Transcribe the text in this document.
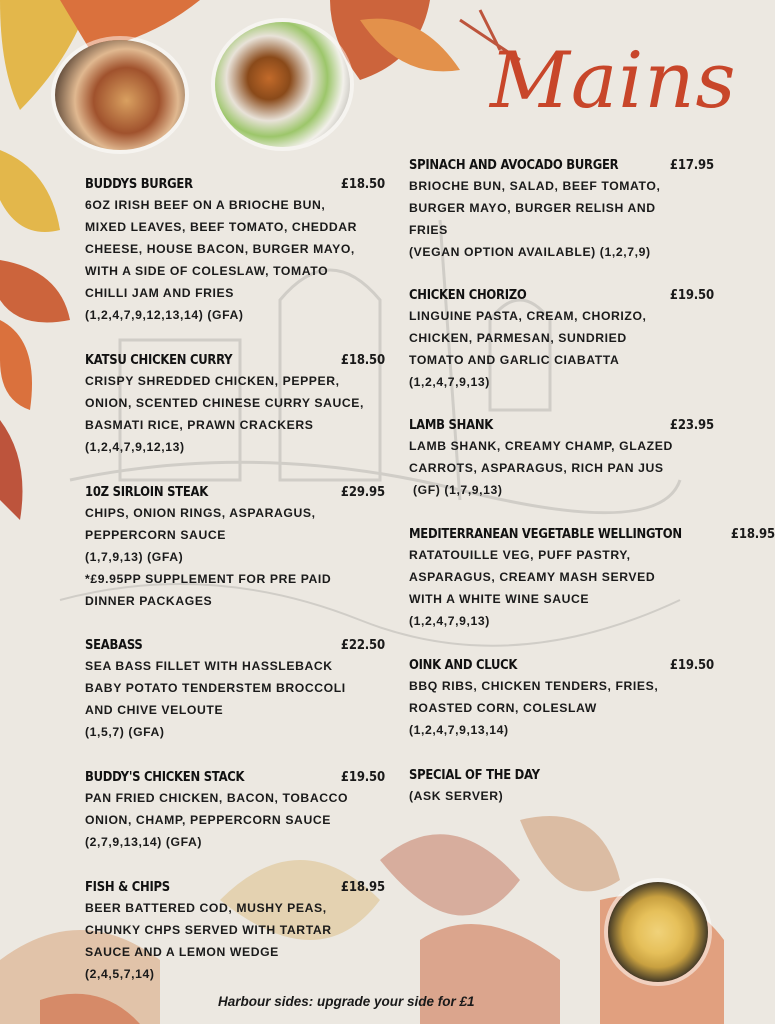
Mains
BUDDYS BURGER	£18.50
6OZ IRISH BEEF ON A BRIOCHE BUN,
MIXED LEAVES, BEEF TOMATO, CHEDDAR
CHEESE, HOUSE BACON, BURGER MAYO,
WITH A SIDE OF COLESLAW, TOMATO
CHILLI JAM AND FRIES
(1,2,4,7,9,12,13,14) (GFA)
KATSU CHICKEN CURRY	£18.50
CRISPY SHREDDED CHICKEN, PEPPER,
ONION, SCENTED CHINESE CURRY SAUCE,
BASMATI RICE, PRAWN CRACKERS
(1,2,4,7,9,12,13)
10Z SIRLOIN STEAK	£29.95
CHIPS, ONION RINGS, ASPARAGUS,
PEPPERCORN SAUCE
(1,7,9,13) (GFA)
*£9.95PP SUPPLEMENT FOR PRE PAID
DINNER PACKAGES
SEABASS	£22.50
SEA BASS FILLET WITH HASSLEBACK
BABY POTATO TENDERSTEM BROCCOLI
AND CHIVE VELOUTE
(1,5,7) (GFA)
BUDDY'S CHICKEN STACK	£19.50
PAN FRIED CHICKEN, BACON, TOBACCO
ONION, CHAMP, PEPPERCORN SAUCE
(2,7,9,13,14) (GFA)
FISH & CHIPS	£18.95
BEER BATTERED COD, MUSHY PEAS,
CHUNKY CHPS SERVED WITH TARTAR
SAUCE AND A LEMON WEDGE
(2,4,5,7,14)
SPINACH AND AVOCADO BURGER	£17.95
BRIOCHE BUN, SALAD, BEEF TOMATO,
BURGER MAYO, BURGER RELISH AND
FRIES
(VEGAN OPTION AVAILABLE) (1,2,7,9)
CHICKEN CHORIZO	£19.50
LINGUINE PASTA, CREAM, CHORIZO,
CHICKEN, PARMESAN, SUNDRIED
TOMATO AND GARLIC CIABATTA
(1,2,4,7,9,13)
LAMB SHANK	£23.95
LAMB SHANK, CREAMY CHAMP, GLAZED
CARROTS, ASPARAGUS, RICH PAN JUS
(GF) (1,7,9,13)
MEDITERRANEAN VEGETABLE WELLINGTON	£18.95
RATATOUILLE VEG, PUFF PASTRY,
ASPARAGUS, CREAMY MASH SERVED
WITH A WHITE WINE SAUCE
(1,2,4,7,9,13)
OINK AND CLUCK	£19.50
BBQ RIBS, CHICKEN TENDERS, FRIES,
ROASTED CORN, COLESLAW
(1,2,4,7,9,13,14)
SPECIAL OF THE DAY
(ASK SERVER)
Harbour sides: upgrade your side for £1
